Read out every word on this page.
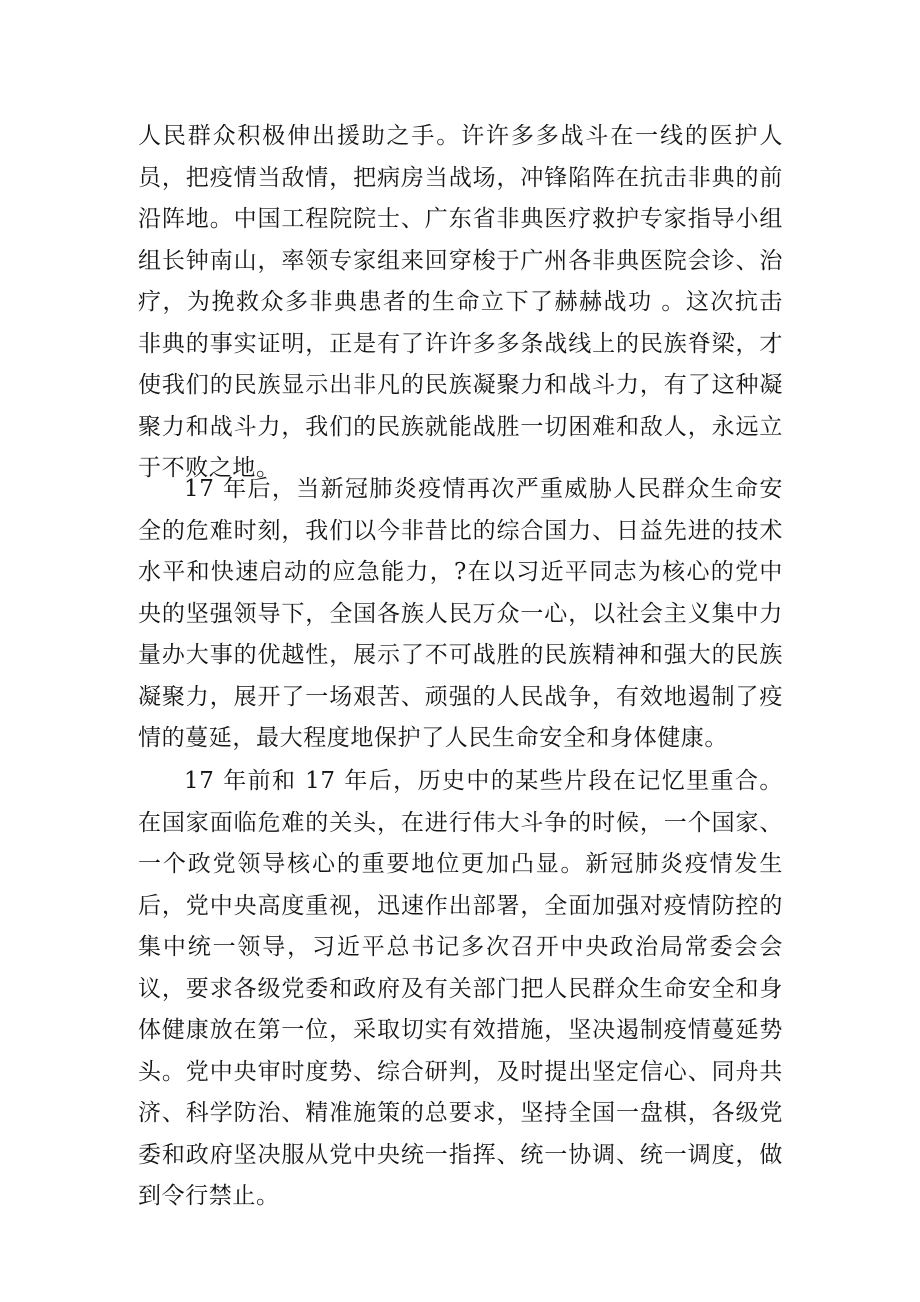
人民群众积极伸出援助之手。许许多多战斗在一线的医护人员，把疫情当敌情，把病房当战场，冲锋陷阵在抗击非典的前沿阵地。中国工程院院士、广东省非典医疗救护专家指导小组组长钟南山，率领专家组来回穿梭于广州各非典医院会诊、治疗，为挽救众多非典患者的生命立下了赫赫战功 。这次抗击非典的事实证明，正是有了许许多多条战线上的民族脊梁，才使我们的民族显示出非凡的民族凝聚力和战斗力，有了这种凝聚力和战斗力，我们的民族就能战胜一切困难和敌人，永远立于不败之地。

17 年后，当新冠肺炎疫情再次严重威胁人民群众生命安全的危难时刻，我们以今非昔比的综合国力、日益先进的技术水平和快速启动的应急能力，?在以习近平同志为核心的党中央的坚强领导下，全国各族人民万众一心，以社会主义集中力量办大事的优越性，展示了不可战胜的民族精神和强大的民族凝聚力，展开了一场艰苦、顽强的人民战争，有效地遏制了疫情的蔓延，最大程度地保护了人民生命安全和身体健康。

17 年前和 17 年后，历史中的某些片段在记忆里重合。在国家面临危难的关头，在进行伟大斗争的时候，一个国家、一个政党领导核心的重要地位更加凸显。新冠肺炎疫情发生后，党中央高度重视，迅速作出部署，全面加强对疫情防控的集中统一领导，习近平总书记多次召开中央政治局常委会会议，要求各级党委和政府及有关部门把人民群众生命安全和身体健康放在第一位，采取切实有效措施，坚决遏制疫情蔓延势头。党中央审时度势、综合研判，及时提出坚定信心、同舟共济、科学防治、精准施策的总要求，坚持全国一盘棋，各级党委和政府坚决服从党中央统一指挥、统一协调、统一调度，做到令行禁止。
